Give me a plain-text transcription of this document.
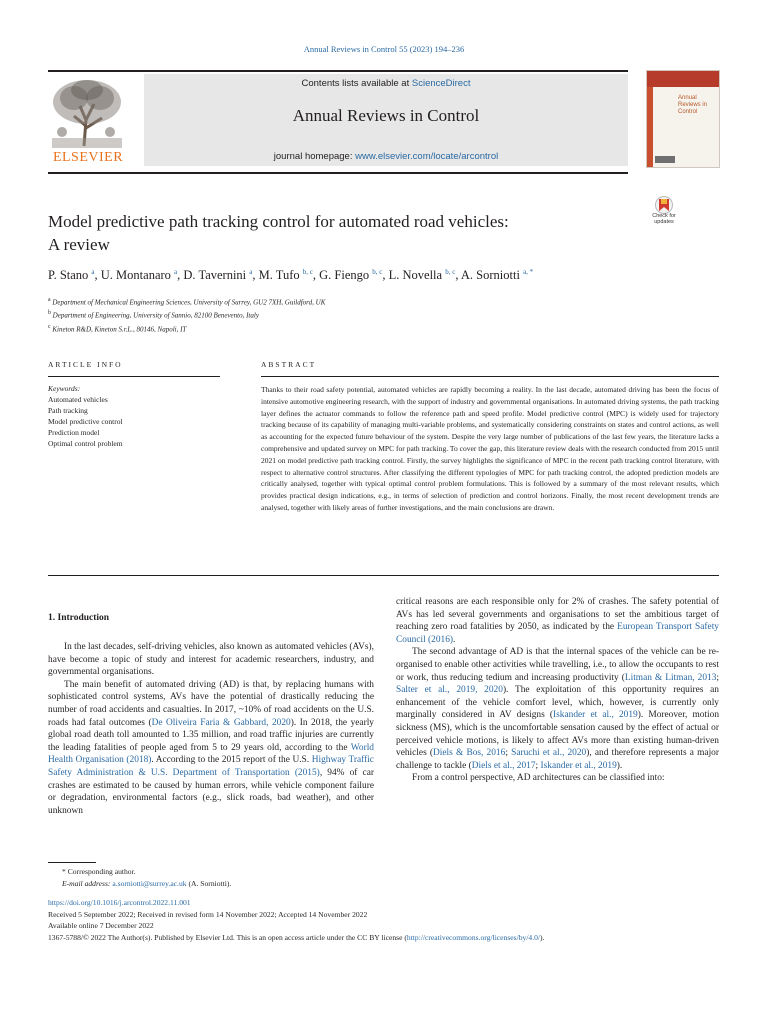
Annual Reviews in Control 55 (2023) 194–236
ELSEVIER
Contents lists available at ScienceDirect
Annual Reviews in Control
journal homepage: www.elsevier.com/locate/arcontrol
Annual Reviews in Control
Check for updates
Model predictive path tracking control for automated road vehicles:
A review
P. Stano $^a$, U. Montanaro $^a$, D. Tavernini $^a$, M. Tufo $^{b, c}$, G. Fiengo $^{b, c}$, L. Novella $^{b, c}$, A. Sorniotti $^{a, *}$
$^a$ Department of Mechanical Engineering Sciences, University of Surrey, GU2 7XH, Guildford, UK
$^b$ Department of Engineering, University of Sannio, 82100 Benevento, Italy
$^c$ Kineton R&D, Kineton S.r.L., 80146, Napoli, IT
ARTICLE INFO
Keywords:
Automated vehicles
Path tracking
Model predictive control
Prediction model
Optimal control problem
ABSTRACT
Thanks to their road safety potential, automated vehicles are rapidly becoming a reality. In the last decade, automated driving has been the focus of intensive automotive engineering research, with the support of industry and governmental organisations. In automated driving systems, the path tracking layer defines the actuator commands to follow the reference path and speed profile. Model predictive control (MPC) is widely used for trajectory tracking because of its capability of managing multi-variable problems, and systematically considering constraints on states and control actions, as well as accounting for the expected future behaviour of the system. Despite the very large number of publications of the last few years, the literature lacks a comprehensive and updated survey on MPC for path tracking. To cover the gap, this literature review deals with the research conducted from 2015 until 2021 on model predictive path tracking control. Firstly, the survey highlights the significance of MPC in the recent path tracking control literature, with respect to alternative control structures. After classifying the different typologies of MPC for path tracking control, the adopted prediction models are critically analysed, together with typical optimal control problem formulations. This is followed by a summary of the most relevant results, which provides practical design indications, e.g., in terms of selection of prediction and control horizons. Finally, the most recent development trends are analysed, together with likely areas of further investigations, and the main conclusions are drawn.
1. Introduction

In the last decades, self-driving vehicles, also known as automated vehicles (AVs), have become a topic of study and interest for academic researchers, industry, and governmental organisations.

The main benefit of automated driving (AD) is that, by replacing humans with sophisticated control systems, AVs have the potential of drastically reducing the number of road accidents and casualties. In 2017, ~10% of road accidents on the U.S. roads had fatal outcomes (De Oliveira Faria & Gabbard, 2020). In 2018, the yearly global road death toll amounted to 1.35 million, and road traffic injuries are currently the leading fatalities of people aged from 5 to 29 years old, according to the World Health Organisation (2018). According to the 2015 report of the U.S. Highway Traffic Safety Administration & U.S. Department of Transportation (2015), 94% of car crashes are estimated to be caused by human errors, while vehicle component failure or degradation, environmental factors (e.g., slick roads, bad weather), and other unknown

critical reasons are each responsible only for 2% of crashes. The safety potential of AVs has led several governments and organisations to set the ambitious target of reaching zero road fatalities by 2050, as indicated by the European Transport Safety Council (2016).

The second advantage of AD is that the internal spaces of the vehicle can be re-organised to enable other activities while travelling, i.e., to allow the occupants to rest or work, thus reducing tedium and increasing productivity (Litman & Litman, 2013; Salter et al., 2019, 2020). The exploitation of this opportunity requires an enhancement of the vehicle comfort level, which, however, is currently only marginally considered in AV designs (Iskander et al., 2019). Moreover, motion sickness (MS), which is the uncomfortable sensation caused by the effect of actual or perceived vehicle motions, is likely to affect AVs more than existing human-driven vehicles (Diels & Bos, 2016; Saruchi et al., 2020), and therefore represents a major challenge to tackle (Diels et al., 2017; Iskander et al., 2019).

From a control perspective, AD architectures can be classified into:

* Corresponding author.
E-mail address: a.sorniotti@surrey.ac.uk (A. Sorniotti).
https://doi.org/10.1016/j.arcontrol.2022.11.001
Received 5 September 2022; Received in revised form 14 November 2022; Accepted 14 November 2022
Available online 7 December 2022
1367-5788/© 2022 The Author(s). Published by Elsevier Ltd. This is an open access article under the CC BY license (http://creativecommons.org/licenses/by/4.0/).
